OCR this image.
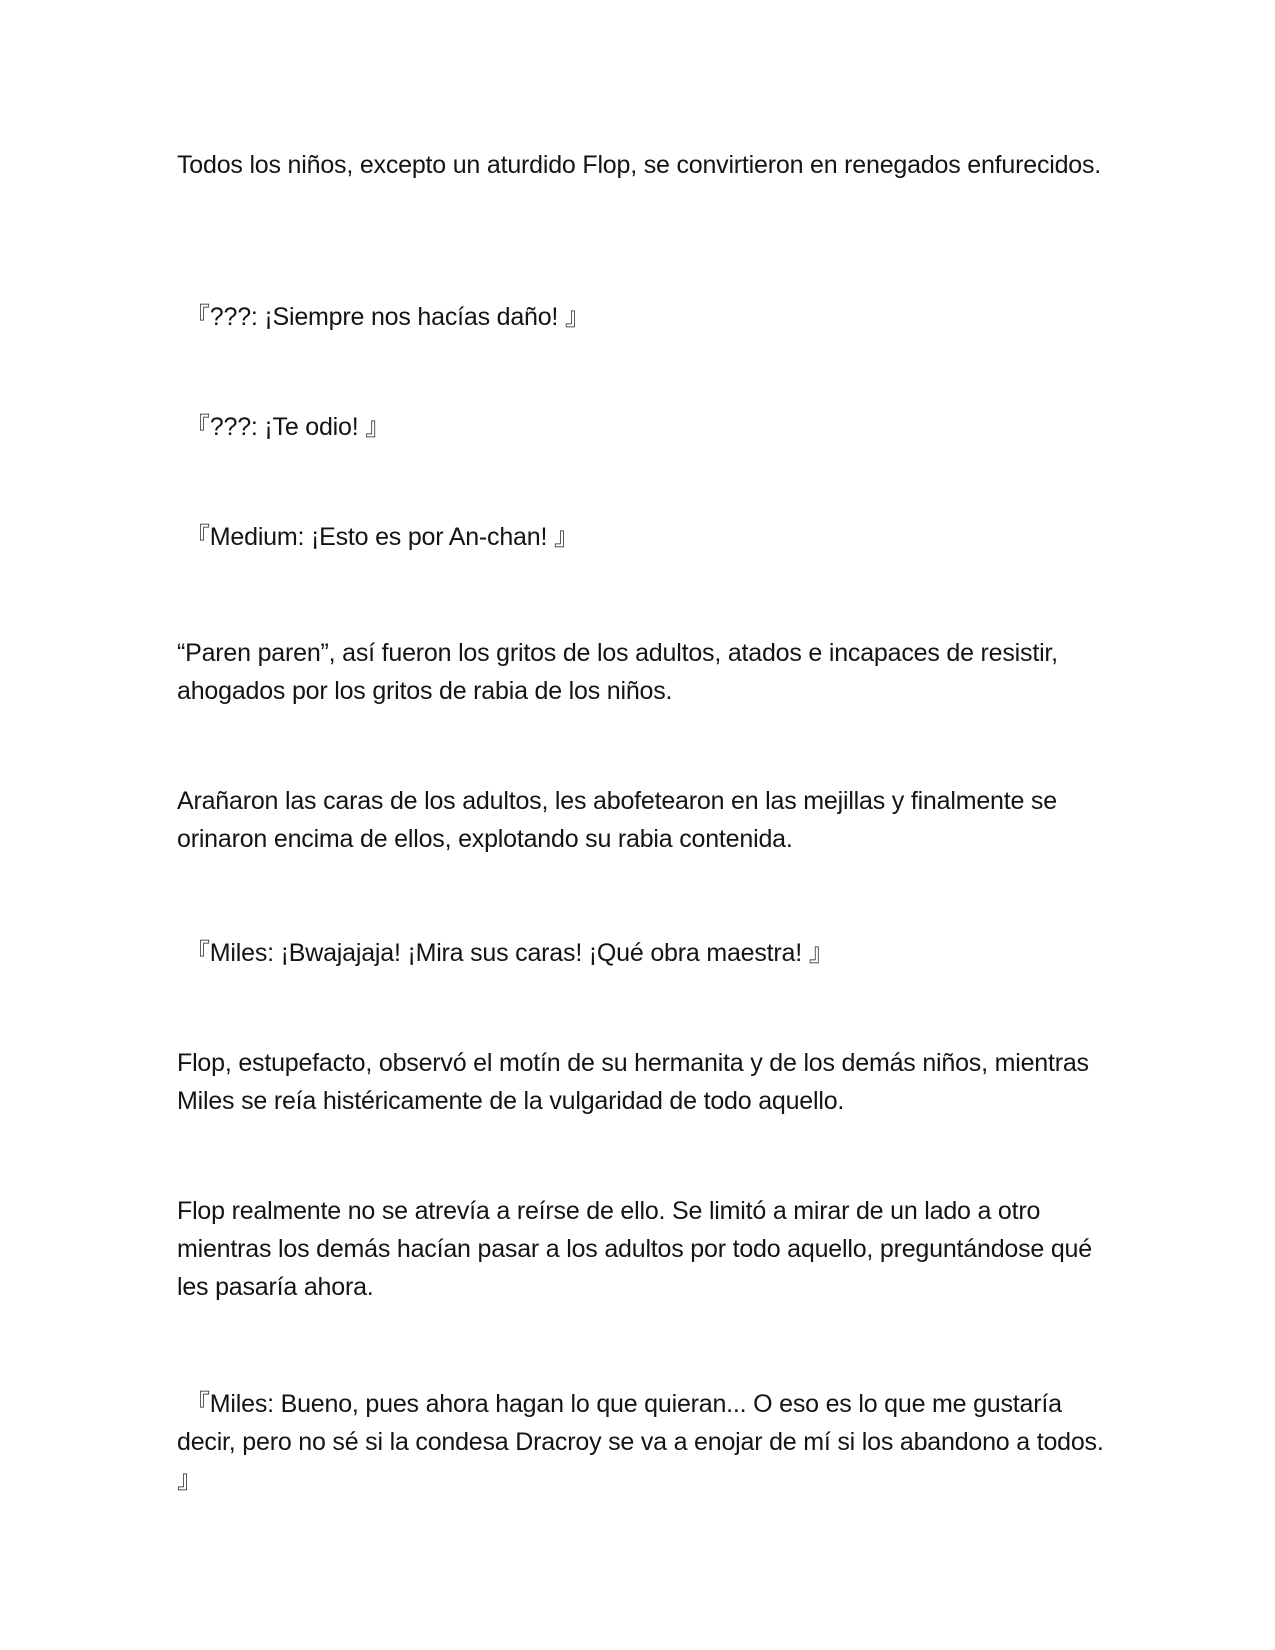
Todos los niños, excepto un aturdido Flop, se convirtieron en renegados enfurecidos.

『???: ¡Siempre nos hacías daño! 』

『???: ¡Te odio! 』

『Medium: ¡Esto es por An-chan! 』

“Paren paren”, así fueron los gritos de los adultos, atados e incapaces de resistir, ahogados por los gritos de rabia de los niños.

Arañaron las caras de los adultos, les abofetearon en las mejillas y finalmente se orinaron encima de ellos, explotando su rabia contenida.

『Miles: ¡Bwajajaja! ¡Mira sus caras! ¡Qué obra maestra! 』

Flop, estupefacto, observó el motín de su hermanita y de los demás niños, mientras Miles se reía histéricamente de la vulgaridad de todo aquello.

Flop realmente no se atrevía a reírse de ello. Se limitó a mirar de un lado a otro mientras los demás hacían pasar a los adultos por todo aquello, preguntándose qué les pasaría ahora.

『Miles: Bueno, pues ahora hagan lo que quieran... O eso es lo que me gustaría decir, pero no sé si la condesa Dracroy se va a enojar de mí si los abandono a todos. 』
